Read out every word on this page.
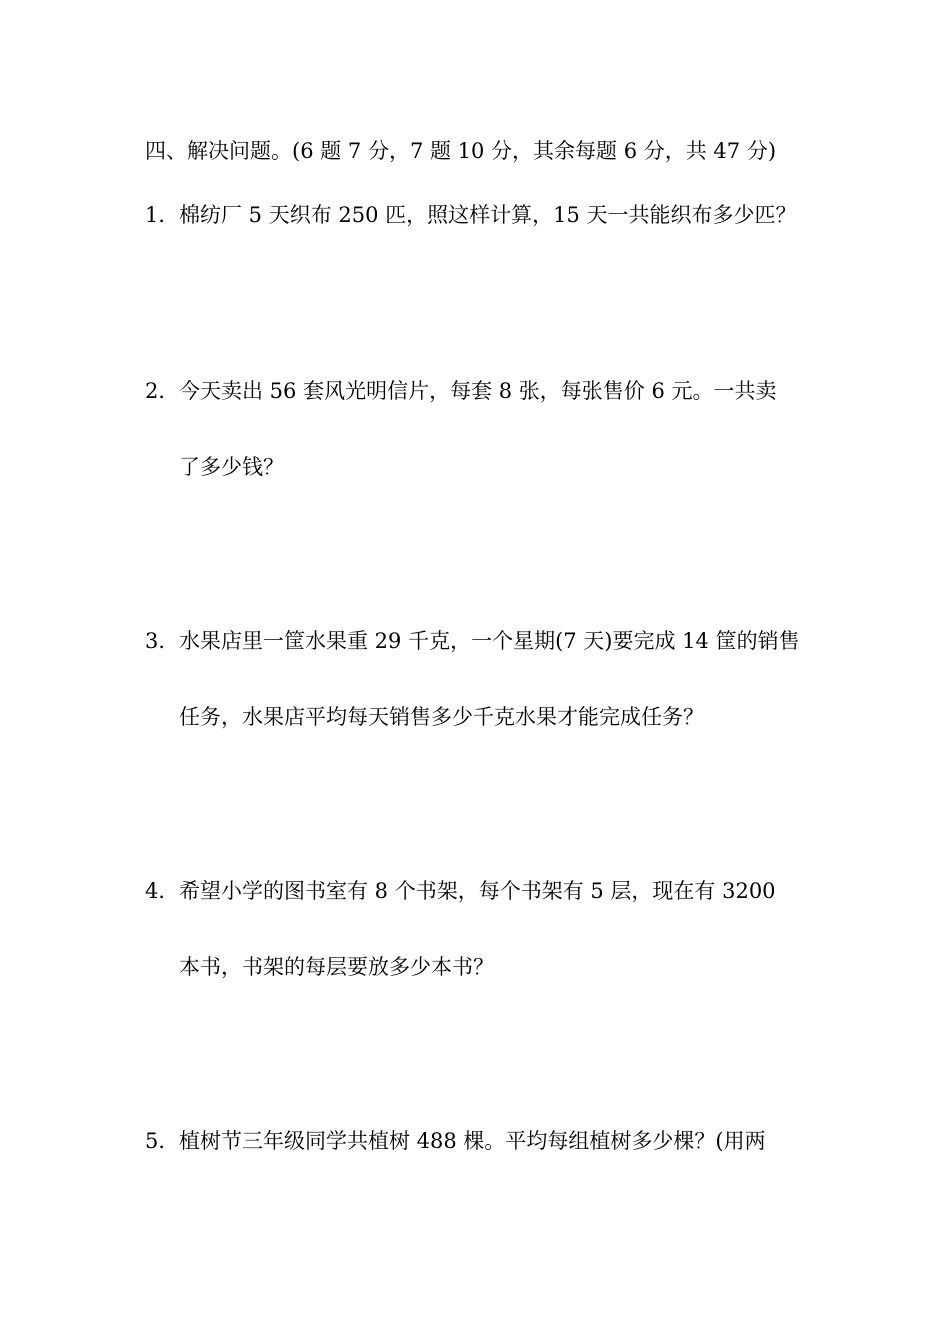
四、解决问题。(6 题 7 分，7 题 10 分，其余每题 6 分，共 47 分)
1．棉纺厂 5 天织布 250 匹，照这样计算，15 天一共能织布多少匹？
2．今天卖出 56 套风光明信片，每套 8 张，每张售价 6 元。一共卖
了多少钱？
3．水果店里一筐水果重 29 千克，一个星期(7 天)要完成 14 筐的销售
任务，水果店平均每天销售多少千克水果才能完成任务？
4．希望小学的图书室有 8 个书架，每个书架有 5 层，现在有 3200
本书，书架的每层要放多少本书？
5．植树节三年级同学共植树 488 棵。平均每组植树多少棵？(用两
